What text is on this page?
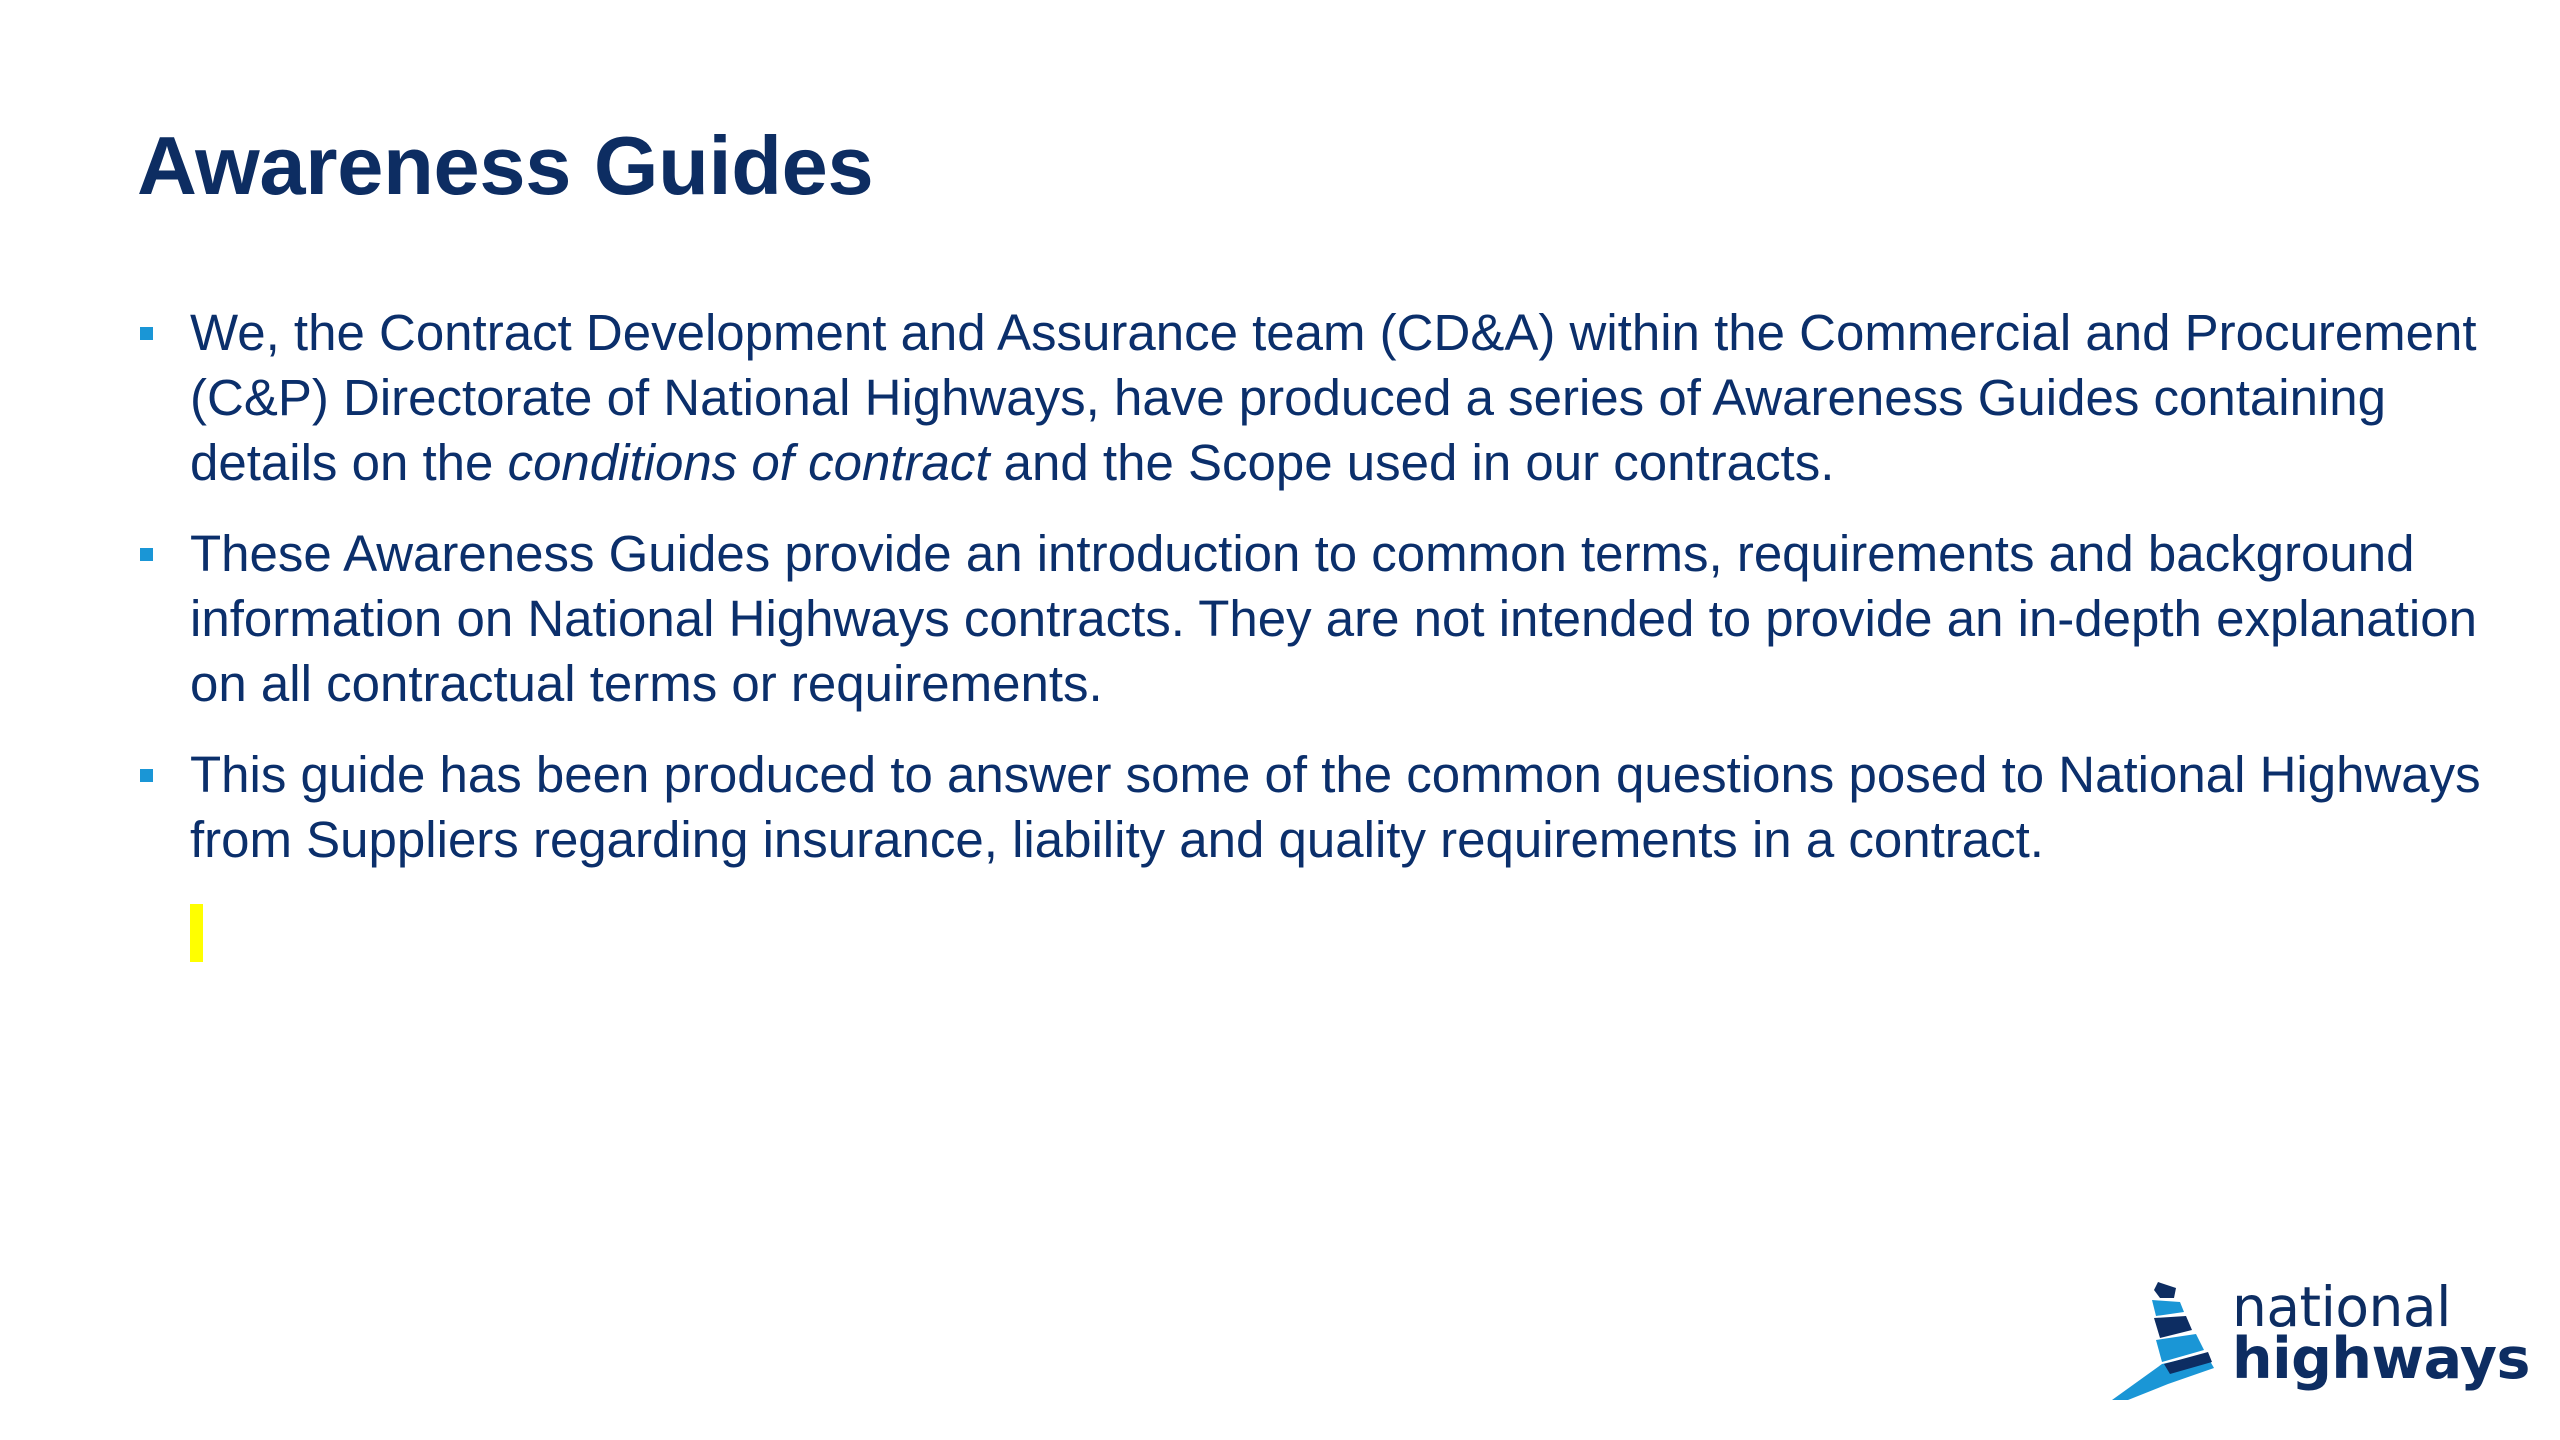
Awareness Guides
We, the Contract Development and Assurance team (CD&A) within the Commercial and Procurement (C&P) Directorate of National Highways, have produced a series of Awareness Guides containing details on the conditions of contract and the Scope used in our contracts.
These Awareness Guides provide an introduction to common terms, requirements and background information on National Highways contracts. They are not intended to provide an in-depth explanation on all contractual terms or requirements.
This guide has been produced to answer some of the common questions posed to National Highways from Suppliers regarding insurance, liability and quality requirements in a contract.
national
highways
